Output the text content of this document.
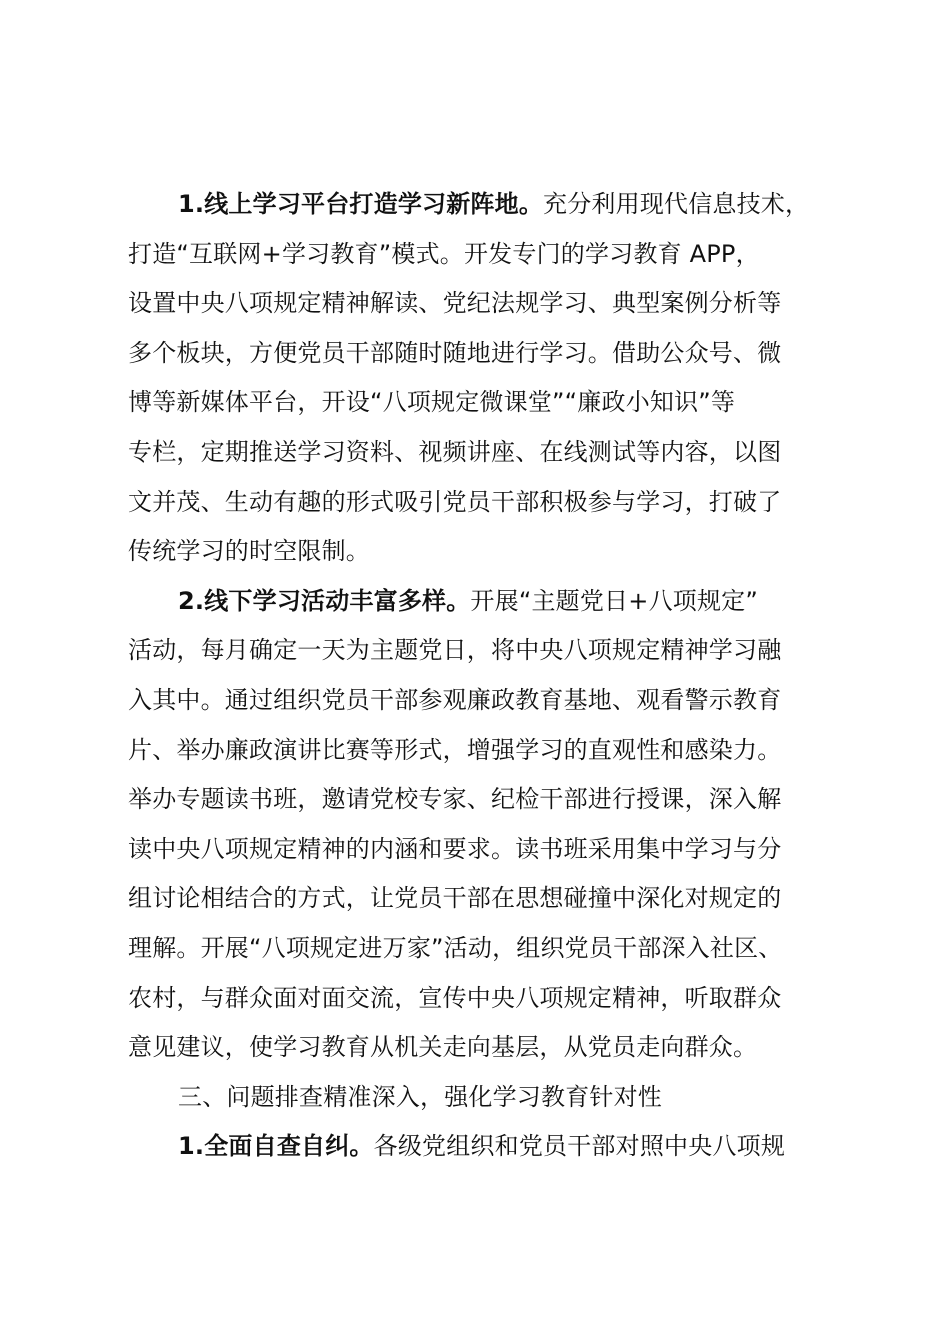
1.线上学习平台打造学习新阵地。充分利用现代信息技术，
打造“互联网+学习教育”模式。开发专门的学习教育 APP，
设置中央八项规定精神解读、党纪法规学习、典型案例分析等
多个板块，方便党员干部随时随地进行学习。借助公众号、微
博等新媒体平台，开设“八项规定微课堂”“廉政小知识”等
专栏，定期推送学习资料、视频讲座、在线测试等内容，以图
文并茂、生动有趣的形式吸引党员干部积极参与学习，打破了
传统学习的时空限制。
2.线下学习活动丰富多样。开展“主题党日+八项规定”
活动，每月确定一天为主题党日，将中央八项规定精神学习融
入其中。通过组织党员干部参观廉政教育基地、观看警示教育
片、举办廉政演讲比赛等形式，增强学习的直观性和感染力。
举办专题读书班，邀请党校专家、纪检干部进行授课，深入解
读中央八项规定精神的内涵和要求。读书班采用集中学习与分
组讨论相结合的方式，让党员干部在思想碰撞中深化对规定的
理解。开展“八项规定进万家”活动，组织党员干部深入社区、
农村，与群众面对面交流，宣传中央八项规定精神，听取群众
意见建议，使学习教育从机关走向基层，从党员走向群众。
三、问题排查精准深入，强化学习教育针对性
1.全面自查自纠。各级党组织和党员干部对照中央八项规
